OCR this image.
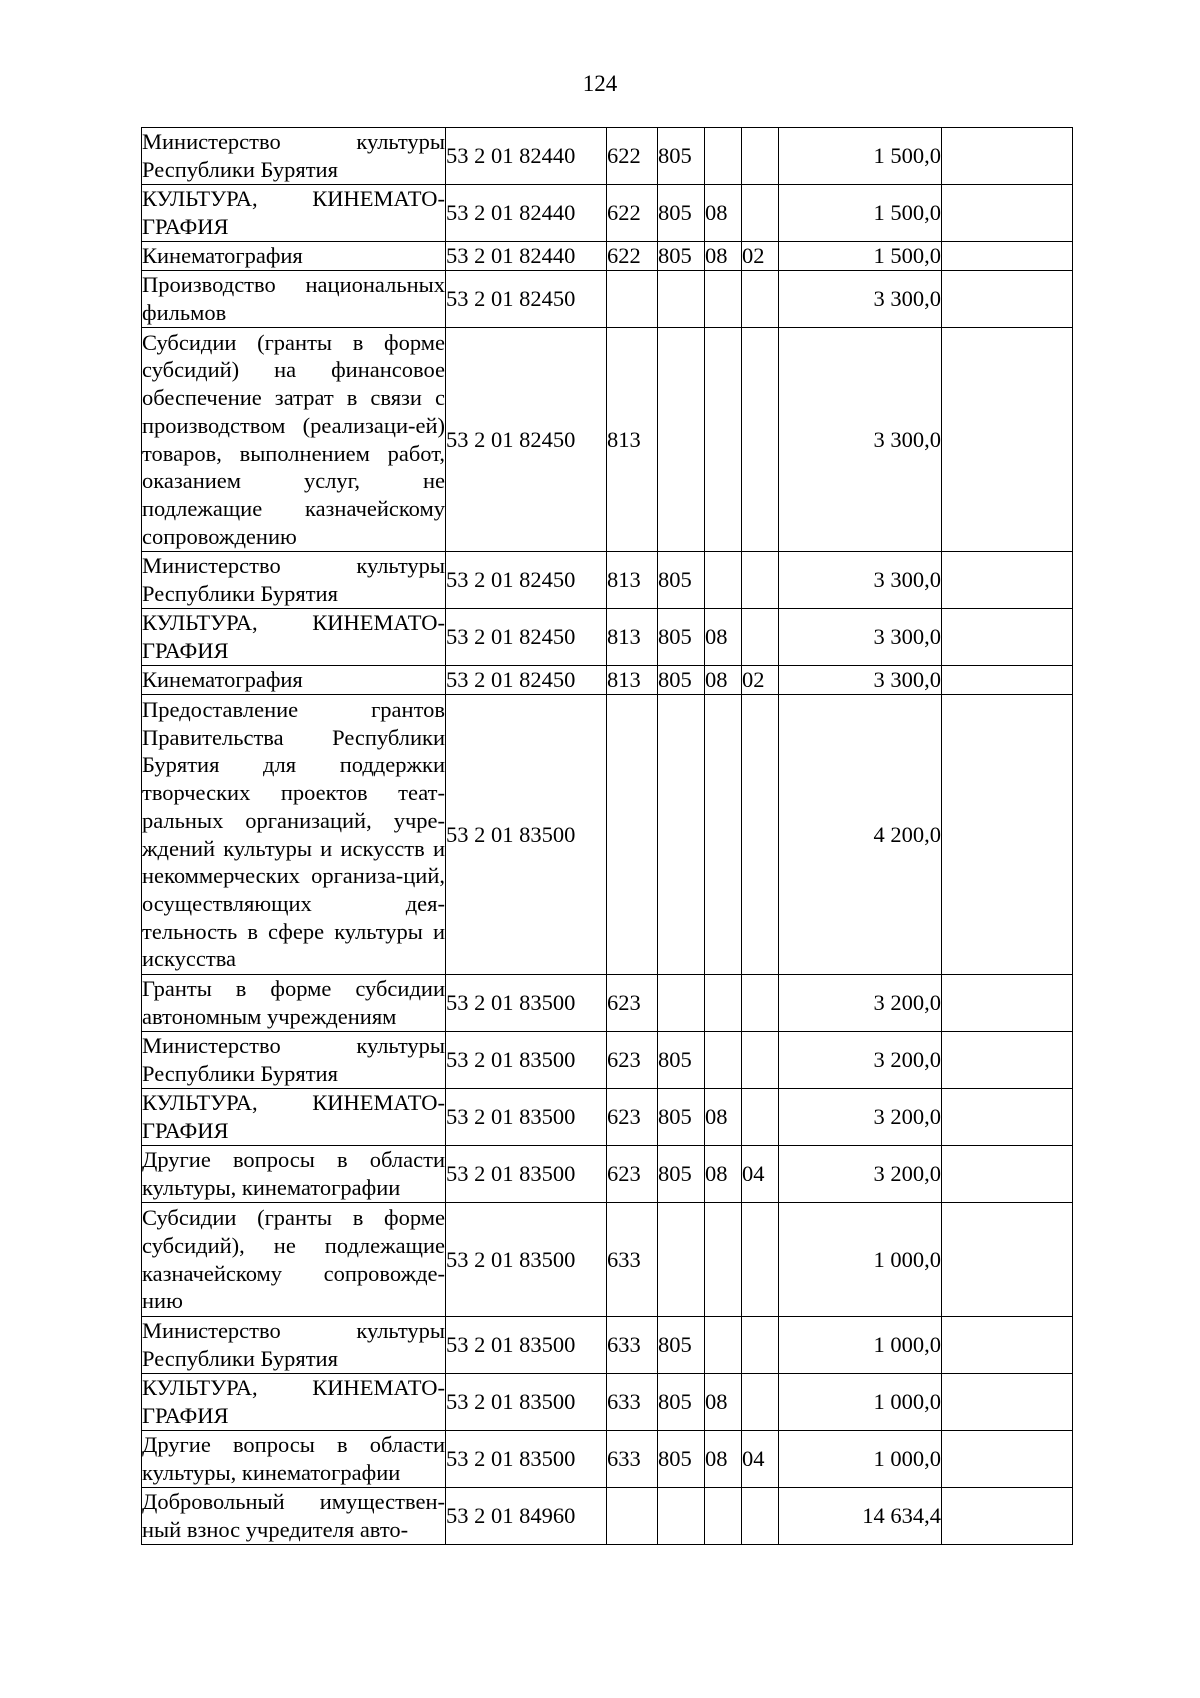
124
Министерство культуры Республики Бурятия	53 2 01 82440	622	805			1 500,0	
КУЛЬТУРА, КИНЕМАТО-ГРАФИЯ	53 2 01 82440	622	805	08		1 500,0	
Кинематография	53 2 01 82440	622	805	08	02	1 500,0	
Производство национальных фильмов	53 2 01 82450					3 300,0	
Субсидии (гранты в форме субсидий) на финансовое обеспечение затрат в связи с производством (реализаци-ей) товаров, выполнением работ, оказанием услуг, не подлежащие казначейскому сопровождению	53 2 01 82450	813				3 300,0	
Министерство культуры Республики Бурятия	53 2 01 82450	813	805			3 300,0	
КУЛЬТУРА, КИНЕМАТО-ГРАФИЯ	53 2 01 82450	813	805	08		3 300,0	
Кинематография	53 2 01 82450	813	805	08	02	3 300,0	
Предоставление грантов Правительства Республики Бурятия для поддержки творческих проектов теат-ральных организаций, учре-ждений культуры и искусств и некоммерческих организа-ций, осуществляющих дея-тельность в сфере культуры и искусства	53 2 01 83500					4 200,0	
Гранты в форме субсидии автономным учреждениям	53 2 01 83500	623				3 200,0	
Министерство культуры Республики Бурятия	53 2 01 83500	623	805			3 200,0	
КУЛЬТУРА, КИНЕМАТО-ГРАФИЯ	53 2 01 83500	623	805	08		3 200,0	
Другие вопросы в области культуры, кинематографии	53 2 01 83500	623	805	08	04	3 200,0	
Субсидии (гранты в форме субсидий), не подлежащие казначейскому сопровожде-нию	53 2 01 83500	633				1 000,0	
Министерство культуры Республики Бурятия	53 2 01 83500	633	805			1 000,0	
КУЛЬТУРА, КИНЕМАТО-ГРАФИЯ	53 2 01 83500	633	805	08		1 000,0	
Другие вопросы в области культуры, кинематографии	53 2 01 83500	633	805	08	04	1 000,0	
Добровольный имуществен-ный взнос учредителя авто-	53 2 01 84960					14 634,4	
